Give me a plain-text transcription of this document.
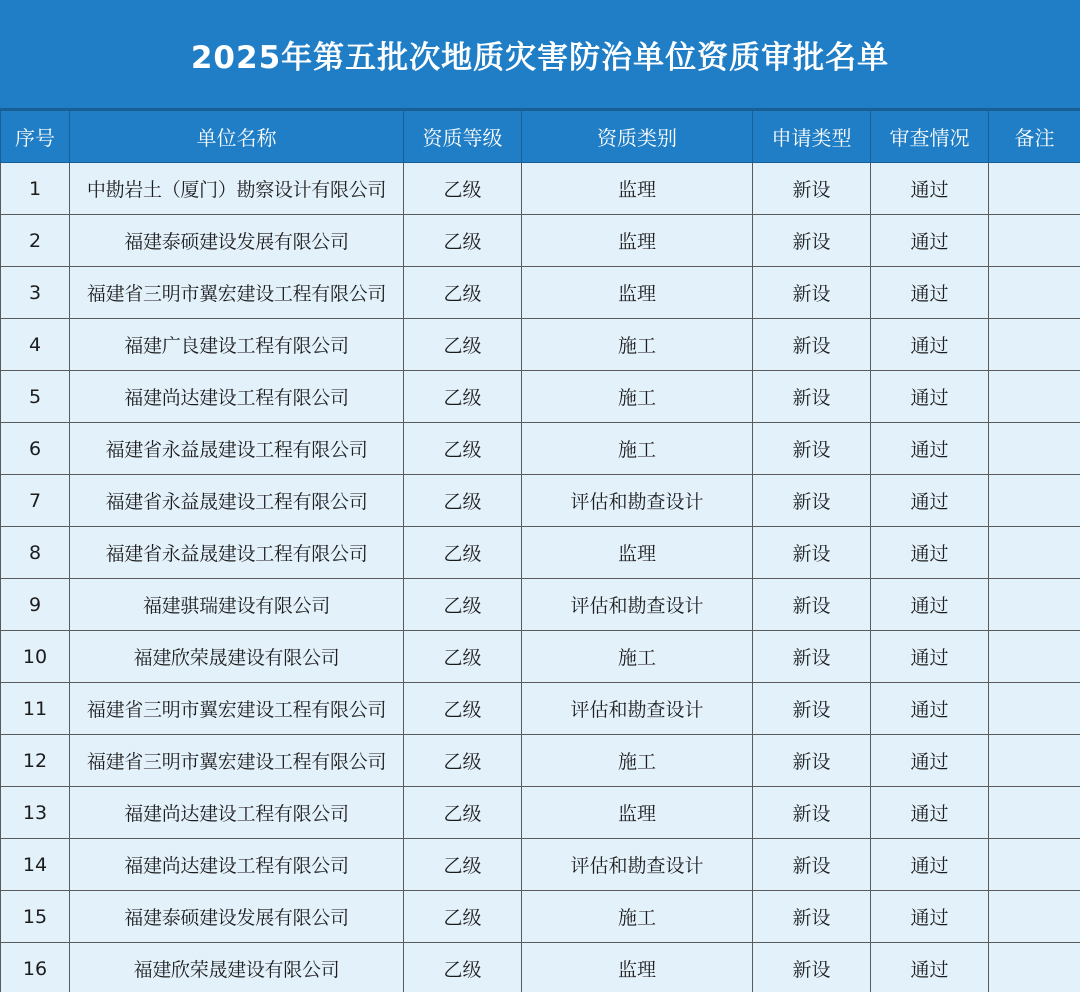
2025年第五批次地质灾害防治单位资质审批名单
序号	单位名称	资质等级	资质类别	申请类型	审查情况	备注
1	中勘岩土（厦门）勘察设计有限公司	乙级	监理	新设	通过	
2	福建泰硕建设发展有限公司	乙级	监理	新设	通过	
3	福建省三明市翼宏建设工程有限公司	乙级	监理	新设	通过	
4	福建广良建设工程有限公司	乙级	施工	新设	通过	
5	福建尚达建设工程有限公司	乙级	施工	新设	通过	
6	福建省永益晟建设工程有限公司	乙级	施工	新设	通过	
7	福建省永益晟建设工程有限公司	乙级	评估和勘查设计	新设	通过	
8	福建省永益晟建设工程有限公司	乙级	监理	新设	通过	
9	福建骐瑞建设有限公司	乙级	评估和勘查设计	新设	通过	
10	福建欣荣晟建设有限公司	乙级	施工	新设	通过	
11	福建省三明市翼宏建设工程有限公司	乙级	评估和勘查设计	新设	通过	
12	福建省三明市翼宏建设工程有限公司	乙级	施工	新设	通过	
13	福建尚达建设工程有限公司	乙级	监理	新设	通过	
14	福建尚达建设工程有限公司	乙级	评估和勘查设计	新设	通过	
15	福建泰硕建设发展有限公司	乙级	施工	新设	通过	
16	福建欣荣晟建设有限公司	乙级	监理	新设	通过	
